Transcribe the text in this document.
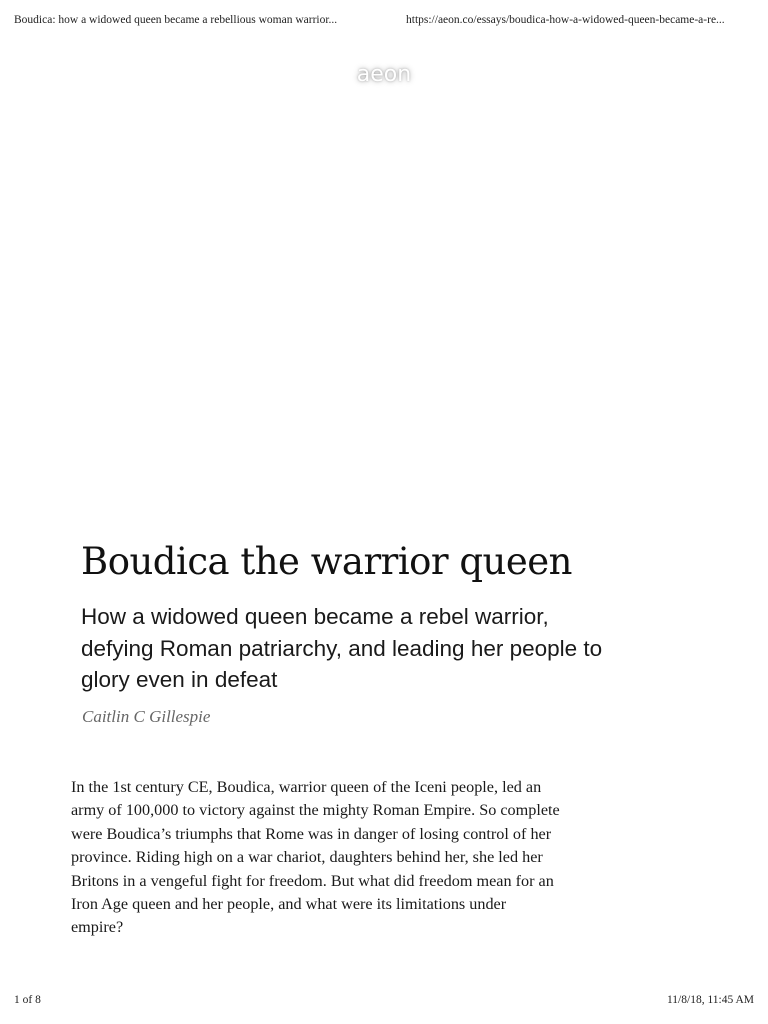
Boudica: how a widowed queen became a rebellious woman warrior...	https://aeon.co/essays/boudica-how-a-widowed-queen-became-a-re...
aeon
Boudica the warrior queen

How a widowed queen became a rebel warrior, defying Roman patriarchy, and leading her people to glory even in defeat

Caitlin C Gillespie

In the 1st century CE, Boudica, warrior queen of the Iceni people, led an army of 100,000 to victory against the mighty Roman Empire. So complete were Boudica’s triumphs that Rome was in danger of losing control of her province. Riding high on a war chariot, daughters behind her, she led her Britons in a vengeful fight for freedom. But what did freedom mean for an Iron Age queen and her people, and what were its limitations under empire?

1 of 8	11/8/18, 11:45 AM
